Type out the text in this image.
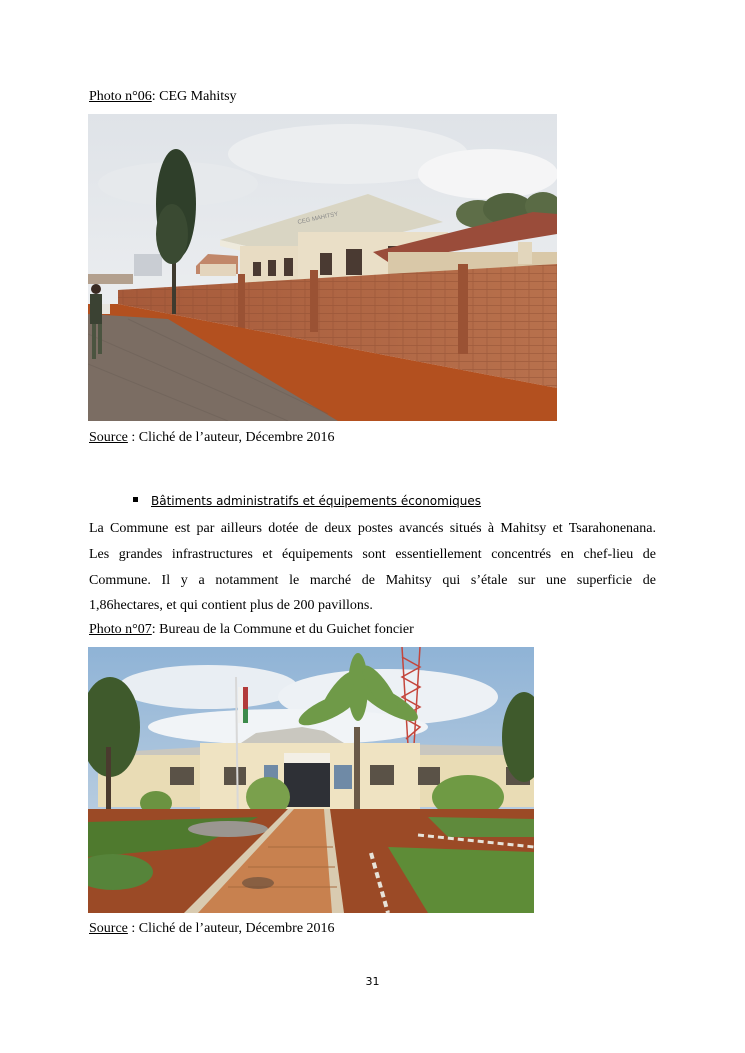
Photo n°06: CEG Mahitsy
CEG MAHITSY
Source : Cliché de l’auteur, Décembre 2016
Bâtiments administratifs et équipements économiques
La Commune est par ailleurs dotée de deux postes avancés situés à Mahitsy et Tsarahonenana.
Les grandes infrastructures et équipements sont essentiellement concentrés en chef-lieu de
Commune. Il y a notamment le marché de Mahitsy qui s’étale sur une superficie de
1,86hectares, et qui contient plus de 200 pavillons.
Photo n°07: Bureau de la Commune et du Guichet foncier
Source : Cliché de l’auteur, Décembre 2016
31
